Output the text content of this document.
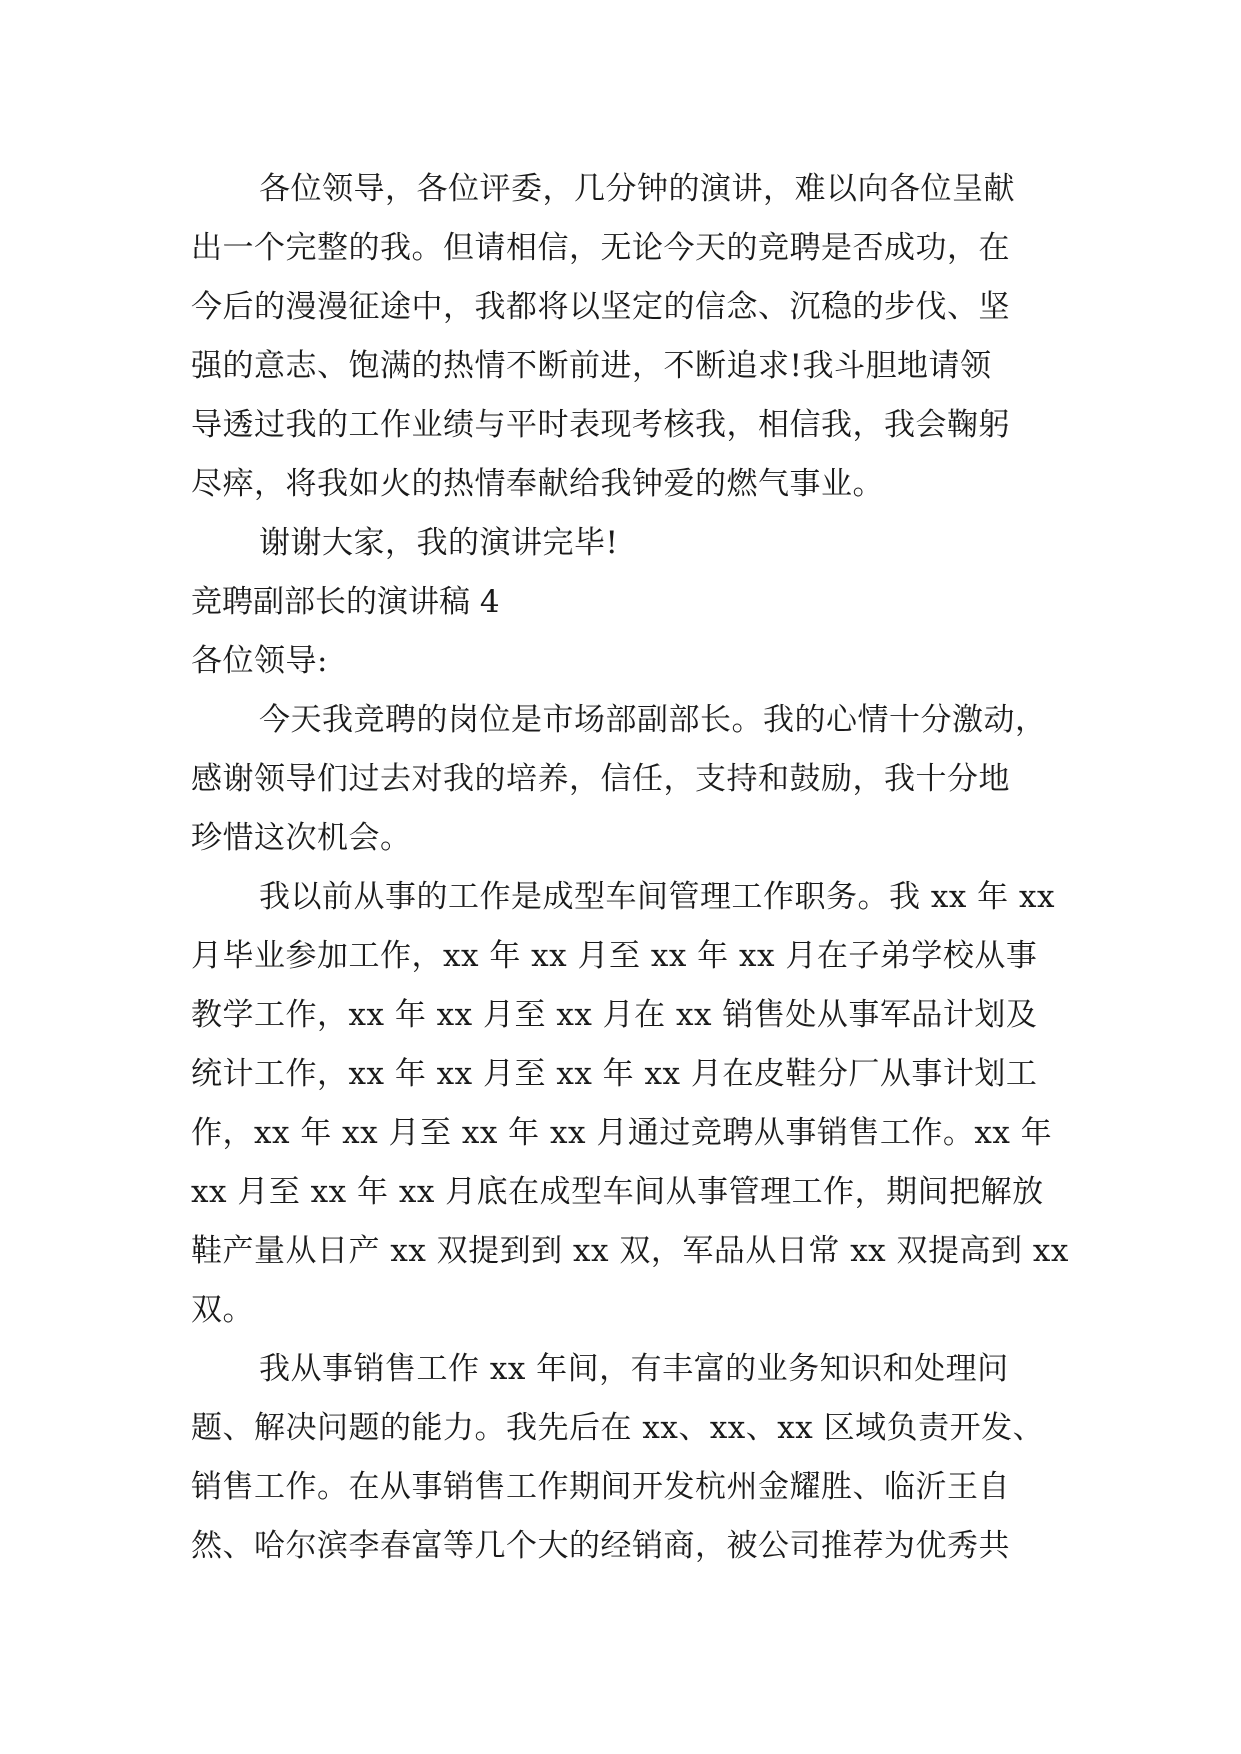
各位领导，各位评委，几分钟的演讲，难以向各位呈献
出一个完整的我。但请相信，无论今天的竞聘是否成功，在
今后的漫漫征途中，我都将以坚定的信念、沉稳的步伐、坚
强的意志、饱满的热情不断前进，不断追求!我斗胆地请领
导透过我的工作业绩与平时表现考核我，相信我，我会鞠躬
尽瘁，将我如火的热情奉献给我钟爱的燃气事业。
谢谢大家，我的演讲完毕!
竞聘副部长的演讲稿 4
各位领导:
今天我竞聘的岗位是市场部副部长。我的心情十分激动，
感谢领导们过去对我的培养，信任，支持和鼓励，我十分地
珍惜这次机会。
我以前从事的工作是成型车间管理工作职务。我 xx 年 xx
月毕业参加工作，xx 年 xx 月至 xx 年 xx 月在子弟学校从事
教学工作，xx 年 xx 月至 xx 月在 xx 销售处从事军品计划及
统计工作，xx 年 xx 月至 xx 年 xx 月在皮鞋分厂从事计划工
作，xx 年 xx 月至 xx 年 xx 月通过竞聘从事销售工作。xx 年
xx 月至 xx 年 xx 月底在成型车间从事管理工作，期间把解放
鞋产量从日产 xx 双提到到 xx 双，军品从日常 xx 双提高到 xx
双。
我从事销售工作 xx 年间，有丰富的业务知识和处理问
题、解决问题的能力。我先后在 xx、xx、xx 区域负责开发、
销售工作。在从事销售工作期间开发杭州金耀胜、临沂王自
然、哈尔滨李春富等几个大的经销商，被公司推荐为优秀共
